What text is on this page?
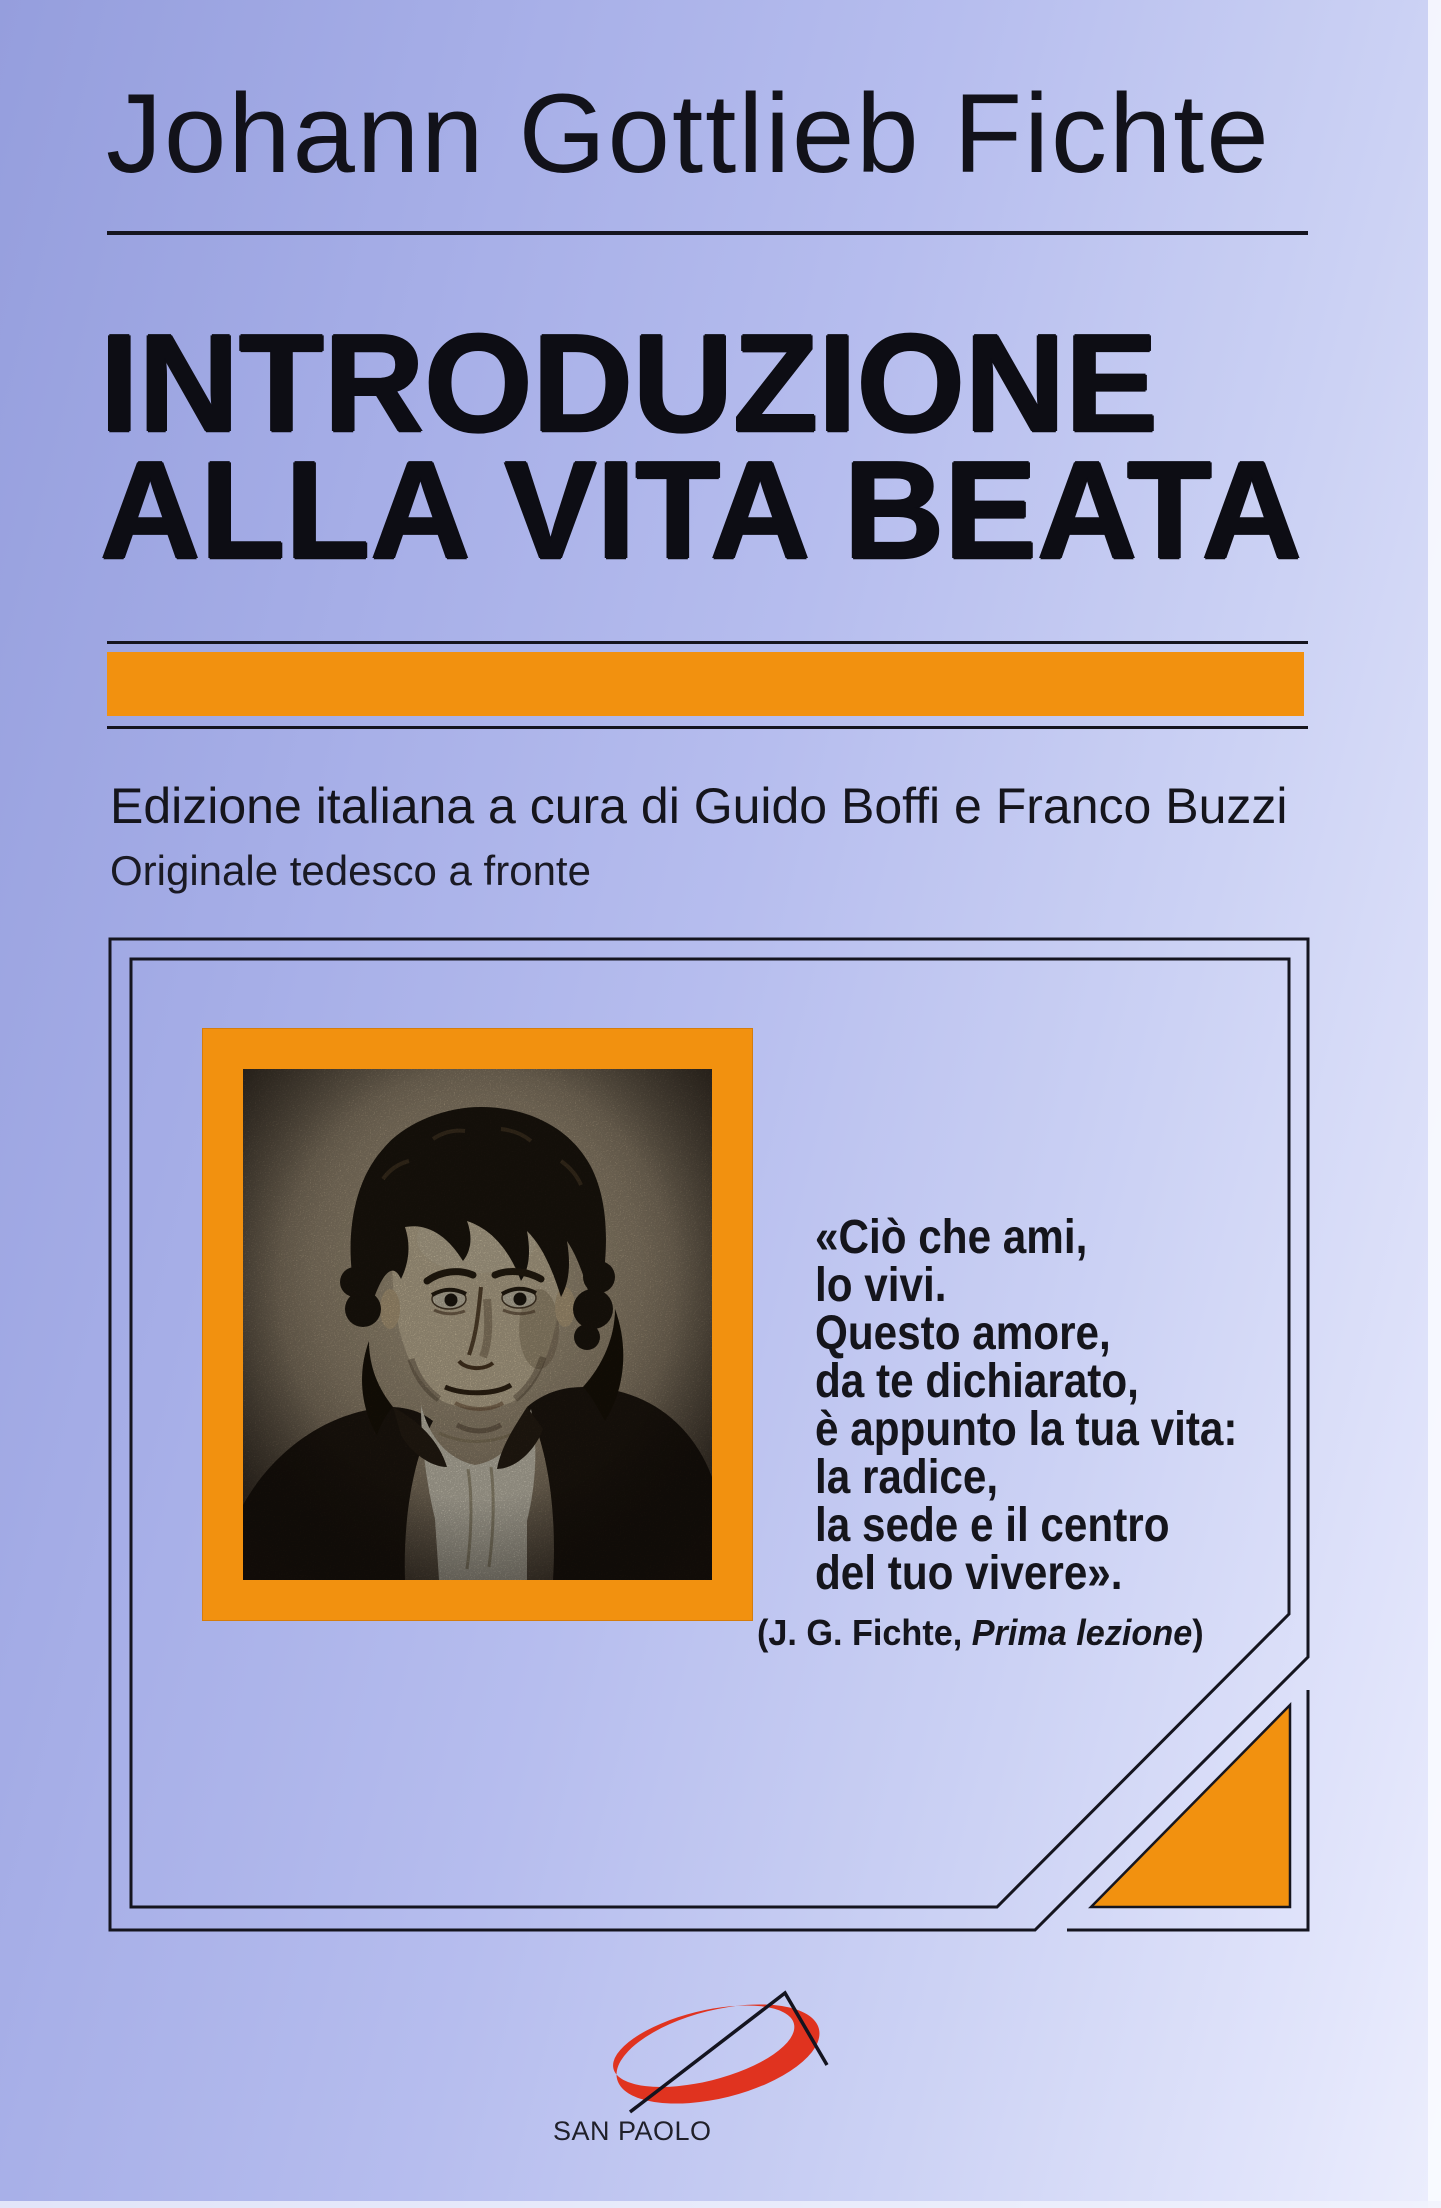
Johann Gottlieb Fichte
INTRODUZIONE
ALLA VITA BEATA
Edizione italiana a cura di Guido Boffi e Franco Buzzi
Originale tedesco a fronte
«Ciò che ami,
lo vivi.
Questo amore,
da te dichiarato,
è appunto la tua vita:
la radice,
la sede e il centro
del tuo vivere».
(J. G. Fichte, Prima lezione)
SAN PAOLO
